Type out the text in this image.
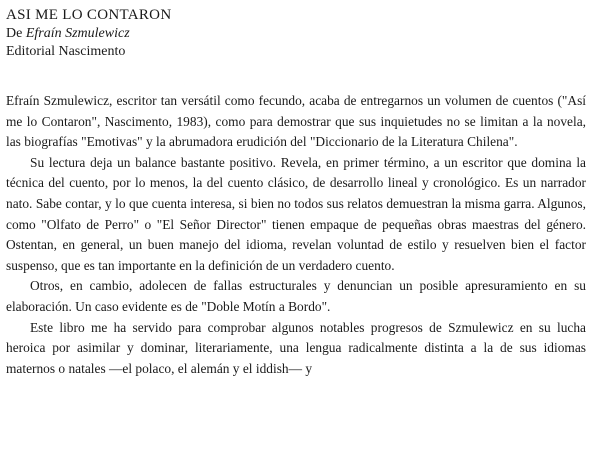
ASI ME LO CONTARON
De Efraín Szmulewicz
Editorial Nascimento

Efraín Szmulewicz, escritor tan versátil como fecundo, acaba de entregarnos un volumen de cuentos ("Así me lo Contaron", Nascimento, 1983), como para demostrar que sus inquietudes no se limitan a la novela, las biografías "Emotivas" y la abrumadora erudición del "Diccionario de la Literatura Chilena".

Su lectura deja un balance bastante positivo. Revela, en primer término, a un escritor que domina la técnica del cuento, por lo menos, la del cuento clásico, de desarrollo lineal y cronológico. Es un narrador nato. Sabe contar, y lo que cuenta interesa, si bien no todos sus relatos demuestran la misma garra. Algunos, como "Olfato de Perro" o "El Señor Director" tienen empaque de pequeñas obras maestras del género. Ostentan, en general, un buen manejo del idioma, revelan voluntad de estilo y resuelven bien el factor suspenso, que es tan importante en la definición de un verdadero cuento.

Otros, en cambio, adolecen de fallas estructurales y denuncian un posible apresuramiento en su elaboración. Un caso evidente es de "Doble Motín a Bordo".

Este libro me ha servido para comprobar algunos notables progresos de Szmulewicz en su lucha heroica por asimilar y dominar, literariamente, una lengua radicalmente distinta a la de sus idiomas maternos o natales —el polaco, el alemán y el iddish— y
